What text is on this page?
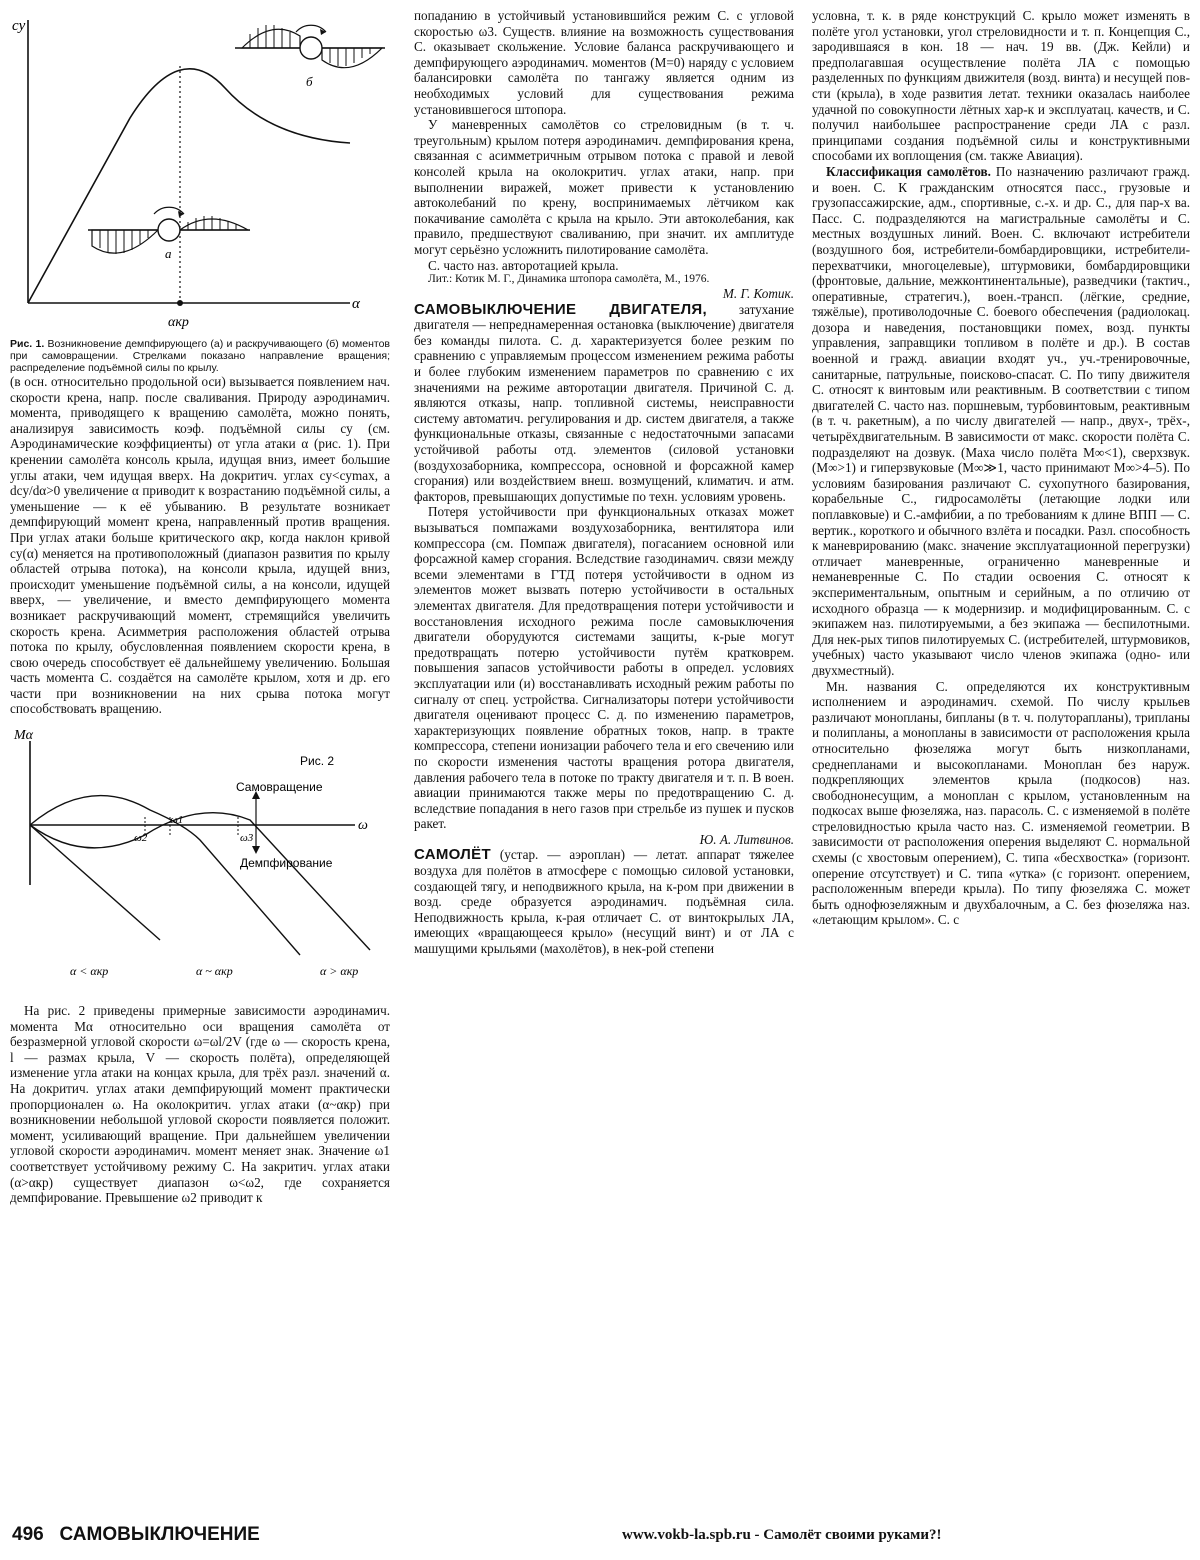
cy
α
αкр
б
а

Рис. 1. Возникновение демпфирующего (а) и раскручивающего (б) моментов при самовращении. Стрелками показано направление вращения; распределение подъёмной силы по крылу.

(в осн. относительно продольной оси) вызывается появлением нач. скорости крена, напр. после сваливания. Природу аэродинамич. момента, приводящего к вращению самолёта, можно понять, анализируя зависимость коэф. подъёмной силы cy (см. Аэродинамические коэффициенты) от угла атаки α (рис. 1). При кренении самолёта консоль крыла, идущая вниз, имеет большие углы атаки, чем идущая вверх. На докритич. углах cy<cymax, a dcy/dα>0 увеличение α приводит к возрастанию подъёмной силы, а уменьшение — к её убыванию. В результате возникает демпфирующий момент крена, направленный против вращения. При углах атаки больше критического αкр, когда наклон кривой cy(α) меняется на противоположный (диапазон развития по крылу областей отрыва потока), на консоли крыла, идущей вниз, происходит уменьшение подъёмной силы, а на консоли, идущей вверх, — увеличение, и вместо демпфирующего момента возникает раскручивающий момент, стремящийся увеличить скорость крена. Асимметрия расположения областей отрыва потока по крылу, обусловленная появлением скорости крена, в свою очередь способствует её дальнейшему увеличению. Большая часть момента С. создаётся на самолёте крылом, хотя и др. его части при возникновении на них срыва потока могут способствовать вращению.

Mα
Рис. 2
ω
ω2
ω1
ω3
Самовращение
Демпфирование
α < αкр	α ~ αкр	α > αкр

На рис. 2 приведены примерные зависимости аэродинамич. момента Mα относительно оси вращения самолёта от безразмерной угловой скорости ω=ωl/2V (где ω — скорость крена, l — размах крыла, V — скорость полёта), определяющей изменение угла атаки на концах крыла, для трёх разл. значений α. На докритич. углах атаки демпфирующий момент практически пропорционален ω. На околокритич. углах атаки (α~αкр) при возникновении небольшой угловой скорости появляется положит. момент, усиливающий вращение. При дальнейшем увеличении угловой скорости аэродинамич. момент меняет знак. Значение ω1 соответствует устойчивому режиму С. На закритич. углах атаки (α>αкр) существует диапазон ω<ω2, где сохраняется демпфирование. Превышение ω2 приводит к

попаданию в устойчивый установившийся режим С. с угловой скоростью ω3. Существ. влияние на возможность существования С. оказывает скольжение. Условие баланса раскручивающего и демпфирующего аэродинамич. моментов (M=0) наряду с условием балансировки самолёта по тангажу является одним из необходимых условий для существования режима установившегося штопора.

У маневренных самолётов со стреловидным (в т. ч. треугольным) крылом потеря аэродинамич. демпфирования крена, связанная с асимметричным отрывом потока с правой и левой консолей крыла на околокритич. углах атаки, напр. при выполнении виражей, может привести к установлению автоколебаний по крену, воспринимаемых лётчиком как покачивание самолёта с крыла на крыло. Эти автоколебания, как правило, предшествуют сваливанию, при значит. их амплитуде могут серьёзно усложнить пилотирование самолёта.

С. часто наз. авторотацией крыла.

Лит.: Котик М. Г., Динамика штопора самолёта, М., 1976.

М. Г. Котик.

САМОВЫКЛЮЧЕНИЕ ДВИГАТЕЛЯ, затухание двигателя — непреднамеренная остановка (выключение) двигателя без команды пилота. С. д. характеризуется более резким по сравнению с управляемым процессом изменением режима работы и более глубоким изменением параметров по сравнению с их значениями на режиме авторотации двигателя. Причиной С. д. являются отказы, напр. топливной системы, неисправности систему автоматич. регулирования и др. систем двигателя, а также функциональные отказы, связанные с недостаточными запасами устойчивой работы отд. элементов (силовой установки (воздухозаборника, компрессора, основной и форсажной камер сгорания) или воздействием внеш. возмущений, климатич. и атм. факторов, превышающих допустимые по техн. условиям уровень.

Потеря устойчивости при функциональных отказах может вызываться помпажами воздухозаборника, вентилятора или компрессора (см. Помпаж двигателя), погасанием основной или форсажной камер сгорания. Вследствие газодинамич. связи между всеми элементами в ГТД потеря устойчивости в одном из элементов может вызвать потерю устойчивости в остальных элементах двигателя. Для предотвращения потери устойчивости и восстановления исходного режима после самовыключения двигатели оборудуются системами защиты, к-рые могут предотвращать потерю устойчивости путём кратковрем. повышения запасов устойчивости работы в определ. условиях эксплуатации или (и) восстанавливать исходный режим работы по сигналу от спец. устройства. Сигнализаторы потери устойчивости двигателя оценивают процесс С. д. по изменению параметров, характеризующих появление обратных токов, напр. в тракте компрессора, степени ионизации рабочего тела и его свечению или по скорости изменения частоты вращения ротора двигателя, давления рабочего тела в потоке по тракту двигателя и т. п. В воен. авиации принимаются также меры по предотвращению С. д. вследствие попадания в него газов при стрельбе из пушек и пусков ракет.

Ю. А. Литвинов.

САМОЛЁТ (устар. — аэроплан) — летат. аппарат тяжелее воздуха для полётов в атмосфере с помощью силовой установки, создающей тягу, и неподвижного крыла, на к-ром при движении в возд. среде образуется аэродинамич. подъёмная сила. Неподвижность крыла, к-рая отличает С. от винтокрылых ЛА, имеющих «вращающееся крыло» (несущий винт) и от ЛА с машущими крыльями (махолётов), в нек-рой степени

условна, т. к. в ряде конструкций С. крыло может изменять в полёте угол установки, угол стреловидности и т. п. Концепция С., зародившаяся в кон. 18 — нач. 19 вв. (Дж. Кейли) и предполагавшая осуществление полёта ЛА с помощью разделенных по функциям движителя (возд. винта) и несущей пов-сти (крыла), в ходе развития летат. техники оказалась наиболее удачной по совокупности лётных хар-к и эксплуатац. качеств, и С. получил наибольшее распространение среди ЛА с разл. принципами создания подъёмной силы и конструктивными способами их воплощения (см. также Авиация).

Классификация самолётов. По назначению различают гражд. и воен. С. К гражданским относятся пасс., грузовые и грузопассажирские, адм., спортивные, с.-х. и др. С., для пар-х ва. Пасс. С. подразделяются на магистральные самолёты и С. местных воздушных линий. Воен. С. включают истребители (воздушного боя, истребители-бомбардировщики, истребители-перехватчики, многоцелевые), штурмовики, бомбардировщики (фронтовые, дальние, межконтинентальные), разведчики (тактич., оперативные, стратегич.), воен.-трансп. (лёгкие, средние, тяжёлые), противолодочные С. боевого обеспечения (радиолокац. дозора и наведения, постановщики помех, возд. пункты управления, заправщики топливом в полёте и др.). В состав военной и гражд. авиации входят уч., уч.-тренировочные, санитарные, патрульные, поисково-спасат. С. По типу движителя С. относят к винтовым или реактивным. В соответствии с типом двигателей С. часто наз. поршневым, турбовинтовым, реактивным (в т. ч. ракетным), а по числу двигателей — напр., двух-, трёх-, четырёхдвигательным. В зависимости от макс. скорости полёта С. подразделяют на дозвук. (Маха число полёта M∞<1), сверхзвук. (M∞>1) и гиперзвуковые (M∞≫1, часто принимают M∞>4–5). По условиям базирования различают С. сухопутного базирования, корабельные С., гидросамолёты (летающие лодки или поплавковые) и С.-амфибии, а по требованиям к длине ВПП — С. вертик., короткого и обычного взлёта и посадки. Разл. способность к маневрированию (макс. значение эксплуатационной перегрузки) отличает маневренные, ограниченно маневренные и неманевренные С. По стадии освоения С. относят к экспериментальным, опытным и серийным, а по отличию от исходного образца — к модернизир. и модифицированным. С. с экипажем наз. пилотируемыми, а без экипажа — беспилотными. Для нек-рых типов пилотируемых С. (истребителей, штурмовиков, учебных) часто указывают число членов экипажа (одно- или двухместный).

Мн. названия С. определяются их конструктивным исполнением и аэродинамич. схемой. По числу крыльев различают монопланы, бипланы (в т. ч. полуторапланы), трипланы и полипланы, а монопланы в зависимости от расположения крыла относительно фюзеляжа могут быть низкопланами, среднепланами и высокопланами. Моноплан без наруж. подкрепляющих элементов крыла (подкосов) наз. свободнонесущим, а моноплан с крылом, установленным на подкосах выше фюзеляжа, наз. парасоль. С. с изменяемой в полёте стреловидностью крыла часто наз. С. изменяемой геометрии. В зависимости от расположения оперения выделяют С. нормальной схемы (с хвостовым оперением), С. типа «бесхвостка» (горизонт. оперение отсутствует) и С. типа «утка» (с горизонт. оперением, расположенным впереди крыла). По типу фюзеляжа С. может быть однофюзеляжным и двухбалочным, а С. без фюзеляжа наз. «летающим крылом». С. с

496 САМОВЫКЛЮЧЕНИЕ	www.vokb-la.spb.ru - Самолёт своими руками?!
